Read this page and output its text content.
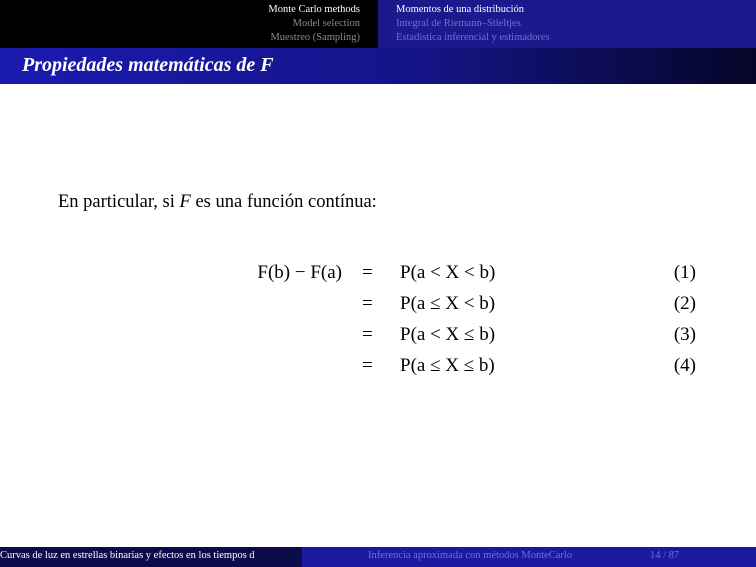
Monte Carlo methods
Model selection
Muestreo (Sampling)
Momentos de una distribución
Integral de Riemann–Stieltjes
Estadística inferencial y estimadores
Propiedades matemáticas de F
En particular, si F es una función contínua:
F(b) − F(a) = P(a < X < b)	(1)
= P(a ≤ X < b)	(2)
= P(a < X ≤ b)	(3)
= P(a ≤ X ≤ b)	(4)
Curvas de luz en estrellas binarias y efectos en los tiempos d	Inferencia aproximada con métodos MonteCarlo	14 / 87
